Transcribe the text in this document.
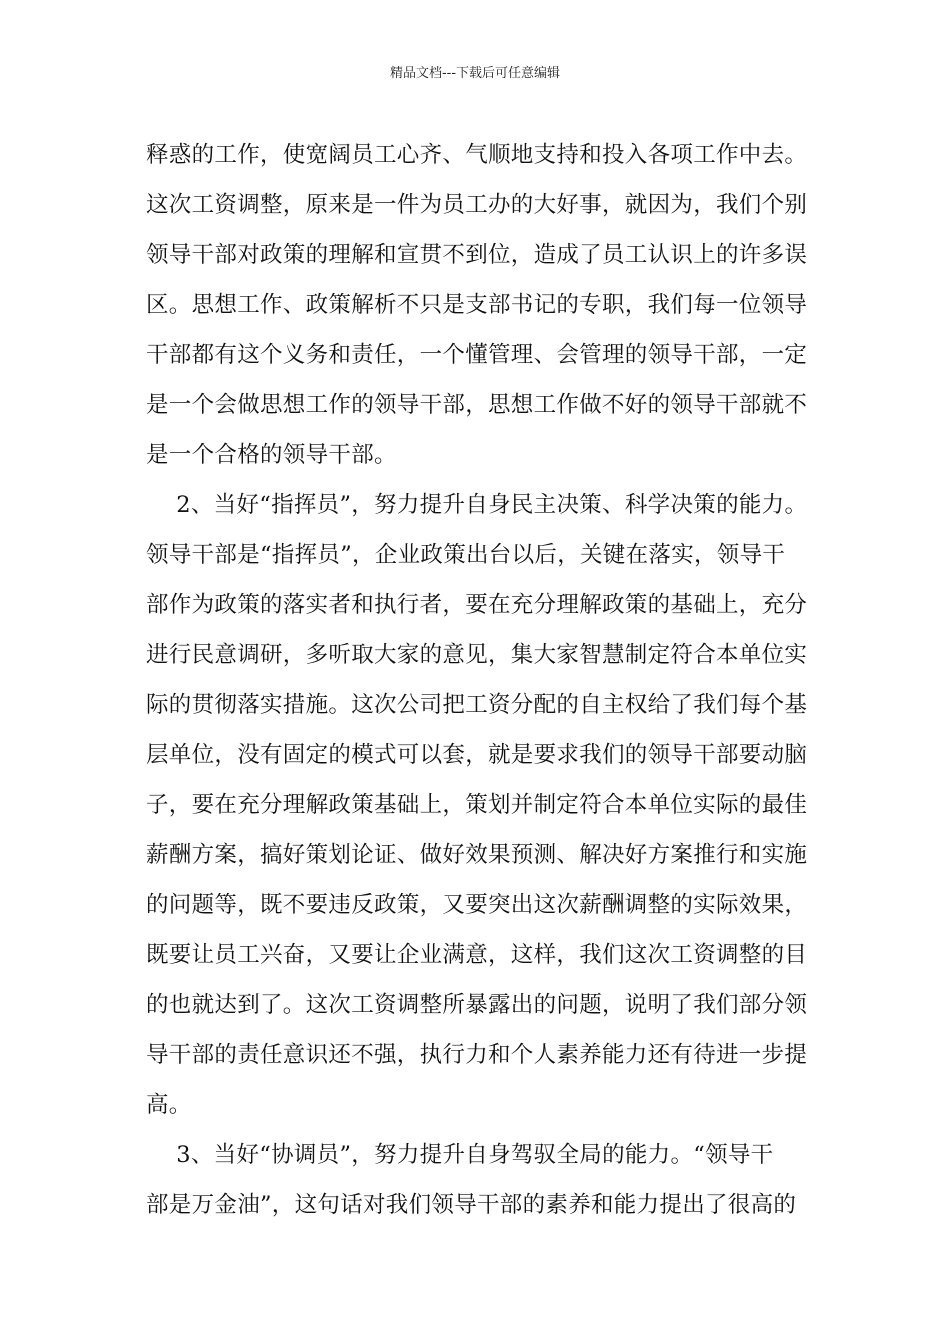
精品文档---下载后可任意编辑
释惑的工作，使宽阔员工心齐、气顺地支持和投入各项工作中去。
这次工资调整，原来是一件为员工办的大好事，就因为，我们个别
领导干部对政策的理解和宣贯不到位，造成了员工认识上的许多误
区。思想工作、政策解析不只是支部书记的专职，我们每一位领导
干部都有这个义务和责任，一个懂管理、会管理的领导干部，一定
是一个会做思想工作的领导干部，思想工作做不好的领导干部就不
是一个合格的领导干部。
　 2、当好“指挥员”，努力提升自身民主决策、科学决策的能力。
领导干部是“指挥员”，企业政策出台以后，关键在落实，领导干
部作为政策的落实者和执行者，要在充分理解政策的基础上，充分
进行民意调研，多听取大家的意见，集大家智慧制定符合本单位实
际的贯彻落实措施。这次公司把工资分配的自主权给了我们每个基
层单位，没有固定的模式可以套，就是要求我们的领导干部要动脑
子，要在充分理解政策基础上，策划并制定符合本单位实际的最佳
薪酬方案，搞好策划论证、做好效果预测、解决好方案推行和实施
的问题等，既不要违反政策，又要突出这次薪酬调整的实际效果，
既要让员工兴奋，又要让企业满意，这样，我们这次工资调整的目
的也就达到了。这次工资调整所暴露出的问题，说明了我们部分领
导干部的责任意识还不强，执行力和个人素养能力还有待进一步提
高。
　 3、当好“协调员”，努力提升自身驾驭全局的能力。“领导干
部是万金油”，这句话对我们领导干部的素养和能力提出了很高的
